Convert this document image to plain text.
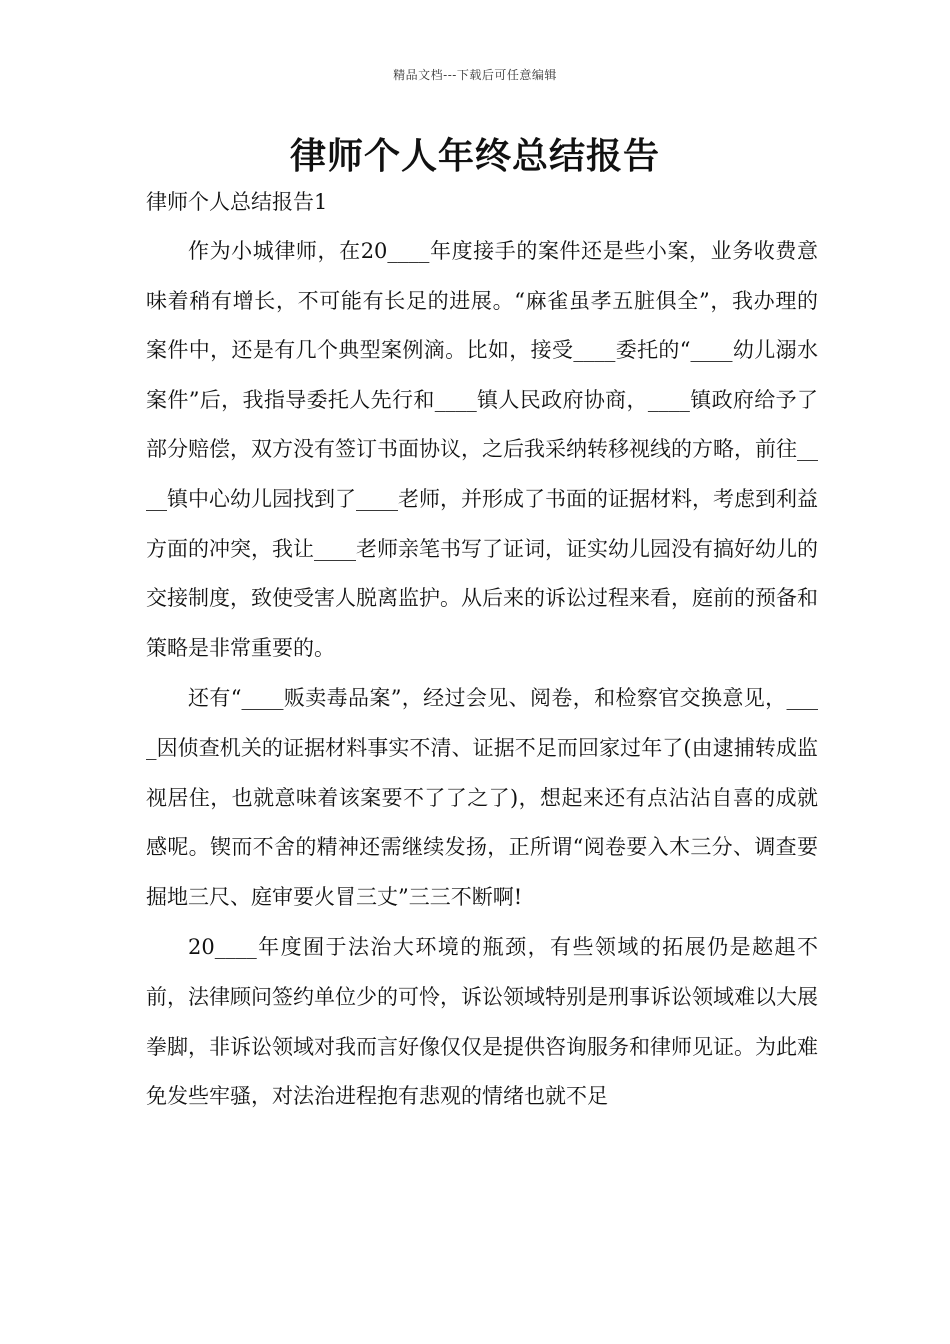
精品文档---下载后可任意编辑
律师个人年终总结报告

律师个人总结报告1

作为小城律师，在20____年度接手的案件还是些小案，业务收费意味着稍有增长，不可能有长足的进展。“麻雀虽孝五脏俱全”，我办理的案件中，还是有几个典型案例滴。比如，接受____委托的“____幼儿溺水案件”后，我指导委托人先行和____镇人民政府协商，____镇政府给予了部分赔偿，双方没有签订书面协议，之后我采纳转移视线的方略，前往____镇中心幼儿园找到了____老师，并形成了书面的证据材料，考虑到利益方面的冲突，我让____老师亲笔书写了证词，证实幼儿园没有搞好幼儿的交接制度，致使受害人脱离监护。从后来的诉讼过程来看，庭前的预备和策略是非常重要的。

还有“____贩卖毒品案”，经过会见、阅卷，和检察官交换意见，____因侦查机关的证据材料事实不清、证据不足而回家过年了(由逮捕转成监视居住，也就意味着该案要不了了之了)，想起来还有点沾沾自喜的成就感呢。锲而不舍的精神还需继续发扬，正所谓“阅卷要入木三分、调查要掘地三尺、庭审要火冒三丈”三三不断啊!

20____年度囿于法治大环境的瓶颈，有些领域的拓展仍是趑趄不前，法律顾问签约单位少的可怜，诉讼领域特别是刑事诉讼领域难以大展拳脚，非诉讼领域对我而言好像仅仅是提供咨询服务和律师见证。为此难免发些牢骚，对法治进程抱有悲观的情绪也就不足
